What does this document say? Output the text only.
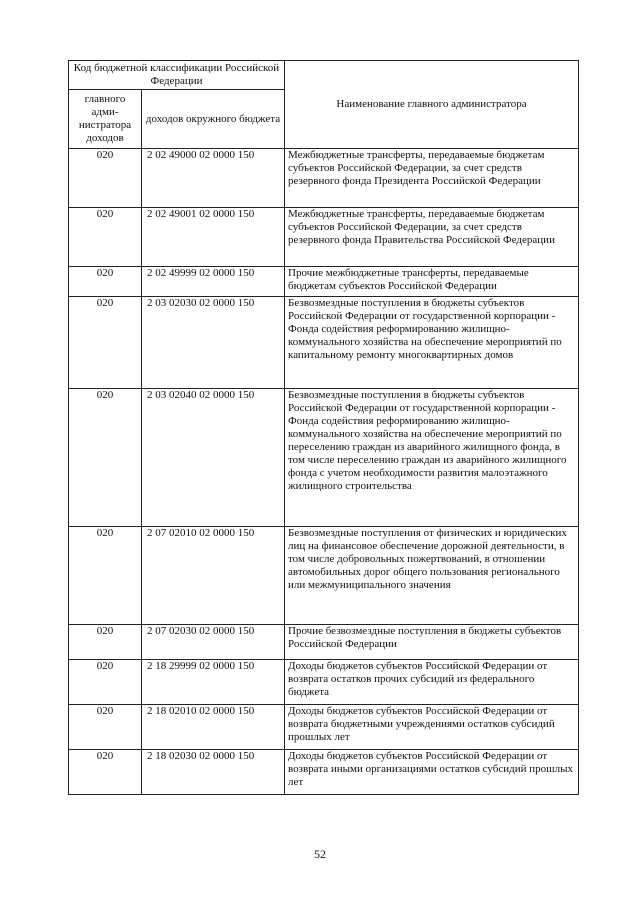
Код бюджетной классификации Российской Федерации		Наименование главного администратора
главного адми-нистратора доходов	доходов окружного бюджета	
020	2 02 49000 02 0000 150	Межбюджетные трансферты, передаваемые бюджетам субъектов Российской Федерации, за счет средств резервного фонда Президента Российской Федерации
020	2 02 49001 02 0000 150	Межбюджетные трансферты, передаваемые бюджетам субъектов Российской Федерации, за счет средств резервного фонда Правительства Российской Федерации
020	2 02 49999 02 0000 150	Прочие межбюджетные трансферты, передаваемые бюджетам субъектов Российской Федерации
020	2 03 02030 02 0000 150	Безвозмездные поступления в бюджеты субъектов Российской Федерации от государственной корпорации - Фонда содействия реформированию жилищно-коммунального хозяйства на обеспечение мероприятий по капитальному ремонту многоквартирных домов
020	2 03 02040 02 0000 150	Безвозмездные поступления в бюджеты субъектов Российской Федерации от государственной корпорации - Фонда содействия реформированию жилищно-коммунального хозяйства на обеспечение мероприятий по переселению граждан из аварийного жилищного фонда, в том числе переселению граждан из аварийного жилищного фонда с учетом необходимости развития малоэтажного жилищного строительства
020	2 07 02010 02 0000 150	Безвозмездные поступления от физических и юридических лиц на финансовое обеспечение дорожной деятельности, в том числе добровольных пожертвований, в отношении автомобильных дорог общего пользования регионального или межмуниципального значения
020	2 07 02030 02 0000 150	Прочие безвозмездные поступления в бюджеты субъектов Российской Федерации
020	2 18 29999 02 0000 150	Доходы бюджетов субъектов Российской Федерации от возврата остатков прочих субсидий из федерального бюджета
020	2 18 02010 02 0000 150	Доходы бюджетов субъектов Российской Федерации от возврата бюджетными учреждениями остатков субсидий прошлых лет
020	2 18 02030 02 0000 150	Доходы бюджетов субъектов Российской Федерации от возврата иными организациями остатков субсидий прошлых лет
52
